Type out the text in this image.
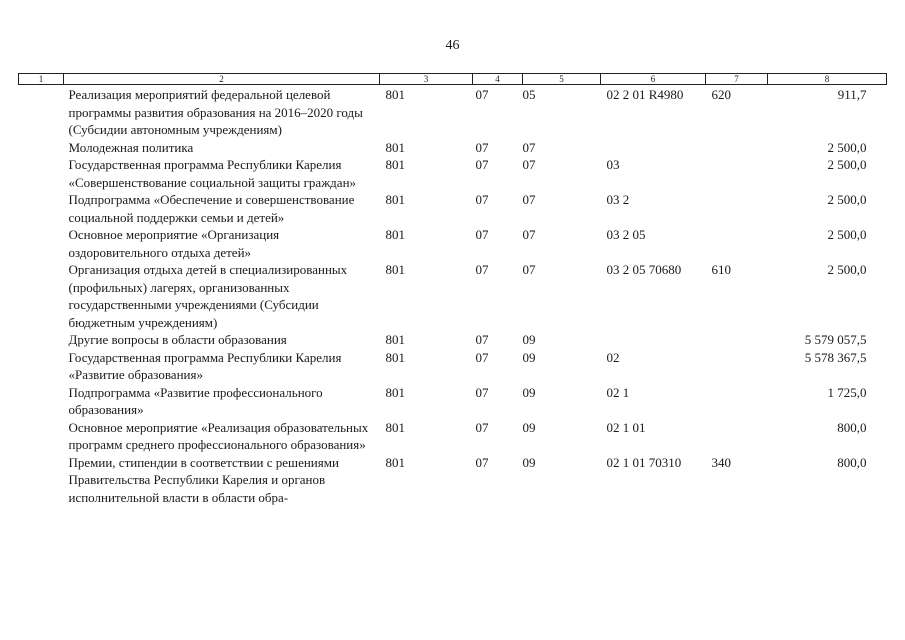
46
1	2	3	4	5	6	7	8
	Реализация мероприятий федеральной целевой программы развития образования на 2016–2020 годы (Субсидии автономным учреждениям)	801	07	05	02 2 01 R4980	620	911,7
	Молодежная политика	801	07	07			2 500,0
	Государственная программа Республики Карелия «Совершенствование социальной защиты граждан»	801	07	07	03		2 500,0
	Подпрограмма «Обеспечение и совершенствование социальной поддержки семьи и детей»	801	07	07	03 2		2 500,0
	Основное мероприятие «Организация оздоровительного отдыха детей»	801	07	07	03 2 05		2 500,0
	Организация отдыха детей в специализированных (профильных) лагерях, организованных государственными учреждениями (Субсидии бюджетным учреждениям)	801	07	07	03 2 05 70680	610	2 500,0
	Другие вопросы в области образования	801	07	09			5 579 057,5
	Государственная программа Республики Карелия «Развитие образования»	801	07	09	02		5 578 367,5
	Подпрограмма «Развитие профессионального образования»	801	07	09	02 1		1 725,0
	Основное мероприятие «Реализация образовательных программ среднего профессионального образования»	801	07	09	02 1 01		800,0
	Премии, стипендии в соответствии с решениями Правительства Республики Карелия и органов исполнительной власти в области обра-	801	07	09	02 1 01 70310	340	800,0
